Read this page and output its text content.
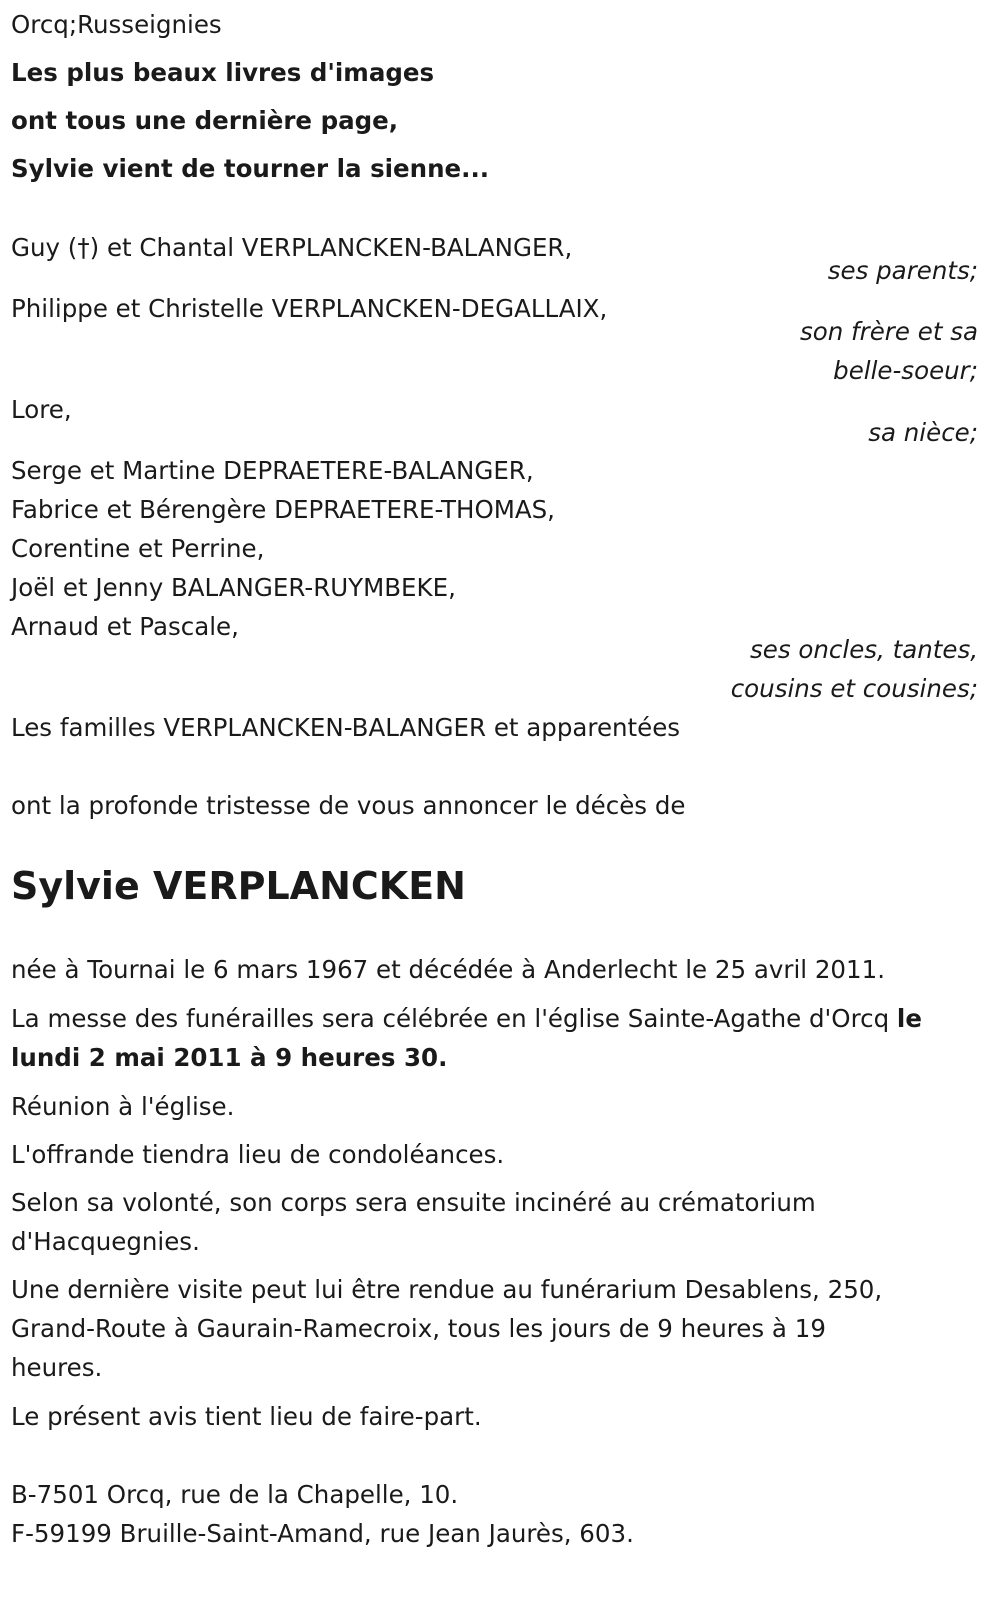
Orcq;Russeignies
Les plus beaux livres d'images
ont tous une dernière page,
Sylvie vient de tourner la sienne...
Guy (†) et Chantal VERPLANCKEN-BALANGER,
ses parents;
Philippe et Christelle VERPLANCKEN-DEGALLAIX,
son frère et sa
belle-soeur;
Lore,
sa nièce;
Serge et Martine DEPRAETERE-BALANGER,
Fabrice et Bérengère DEPRAETERE-THOMAS,
Corentine et Perrine,
Joël et Jenny BALANGER-RUYMBEKE,
Arnaud et Pascale,
ses oncles, tantes,
cousins et cousines;
Les familles VERPLANCKEN-BALANGER et apparentées
ont la profonde tristesse de vous annoncer le décès de
Sylvie VERPLANCKEN
née à Tournai le 6 mars 1967 et décédée à Anderlecht le 25 avril 2011.
La messe des funérailles sera célébrée en l'église Sainte-Agathe d'Orcq le
lundi 2 mai 2011 à 9 heures 30.
Réunion à l'église.
L'offrande tiendra lieu de condoléances.
Selon sa volonté, son corps sera ensuite incinéré au crématorium
d'Hacquegnies.
Une dernière visite peut lui être rendue au funérarium Desablens, 250,
Grand-Route à Gaurain-Ramecroix, tous les jours de 9 heures à 19
heures.
Le présent avis tient lieu de faire-part.
B-7501 Orcq, rue de la Chapelle, 10.
F-59199 Bruille-Saint-Amand, rue Jean Jaurès, 603.
